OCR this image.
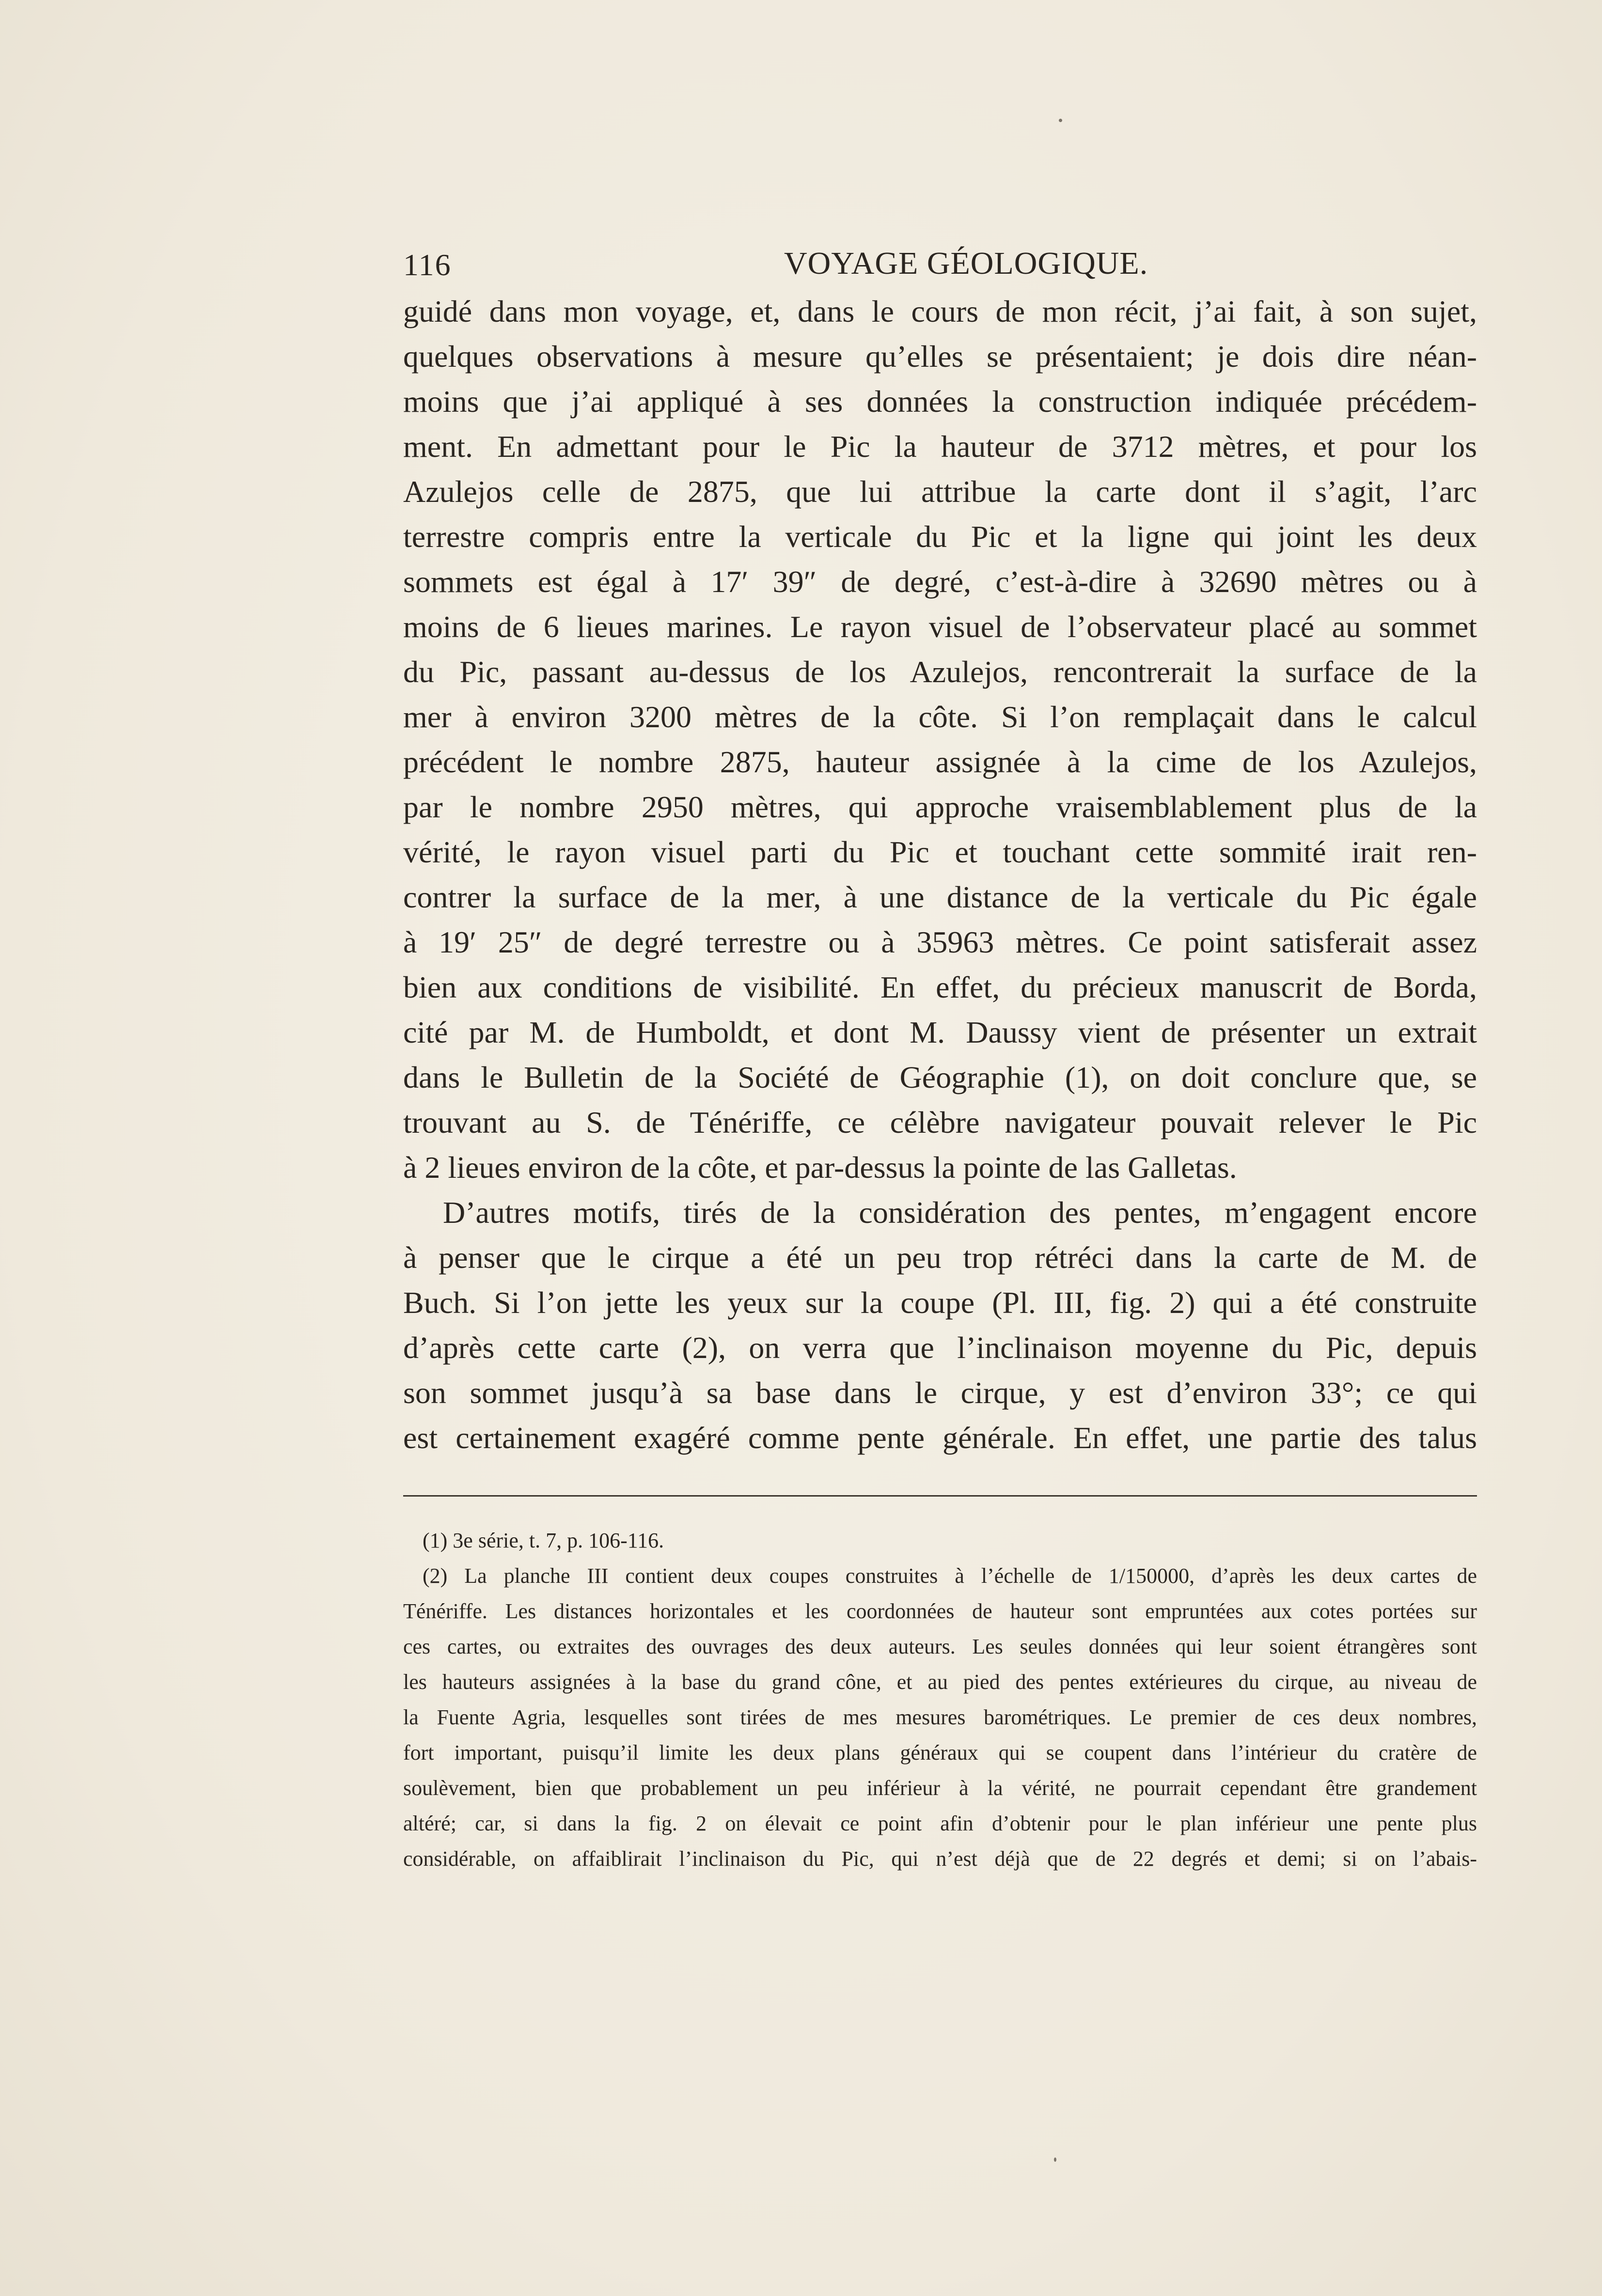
116	VOYAGE GÉOLOGIQUE.
guidé dans mon voyage, et, dans le cours de mon récit, j’ai fait, à son sujet,
quelques observations à mesure qu’elles se présentaient; je dois dire néan-
moins que j’ai appliqué à ses données la construction indiquée précédem-
ment. En admettant pour le Pic la hauteur de 3712 mètres, et pour los
Azulejos celle de 2875, que lui attribue la carte dont il s’agit, l’arc
terrestre compris entre la verticale du Pic et la ligne qui joint les deux
sommets est égal à 17′ 39″ de degré, c’est-à-dire à 32690 mètres ou à
moins de 6 lieues marines. Le rayon visuel de l’observateur placé au sommet
du Pic, passant au-dessus de los Azulejos, rencontrerait la surface de la
mer à environ 3200 mètres de la côte. Si l’on remplaçait dans le calcul
précédent le nombre 2875, hauteur assignée à la cime de los Azulejos,
par le nombre 2950 mètres, qui approche vraisemblablement plus de la
vérité, le rayon visuel parti du Pic et touchant cette sommité irait ren-
contrer la surface de la mer, à une distance de la verticale du Pic égale
à 19′ 25″ de degré terrestre ou à 35963 mètres. Ce point satisferait assez
bien aux conditions de visibilité. En effet, du précieux manuscrit de Borda,
cité par M. de Humboldt, et dont M. Daussy vient de présenter un extrait
dans le Bulletin de la Société de Géographie (1), on doit conclure que, se
trouvant au S. de Ténériffe, ce célèbre navigateur pouvait relever le Pic
à 2 lieues environ de la côte, et par-dessus la pointe de las Galletas.
D’autres motifs, tirés de la considération des pentes, m’engagent encore
à penser que le cirque a été un peu trop rétréci dans la carte de M. de
Buch. Si l’on jette les yeux sur la coupe (Pl. III, fig. 2) qui a été construite
d’après cette carte (2), on verra que l’inclinaison moyenne du Pic, depuis
son sommet jusqu’à sa base dans le cirque, y est d’environ 33°; ce qui
est certainement exagéré comme pente générale. En effet, une partie des talus
(1) 3e série, t. 7, p. 106-116.
(2) La planche III contient deux coupes construites à l’échelle de 1/150000, d’après les deux cartes de
Ténériffe. Les distances horizontales et les coordonnées de hauteur sont empruntées aux cotes portées sur
ces cartes, ou extraites des ouvrages des deux auteurs. Les seules données qui leur soient étrangères sont
les hauteurs assignées à la base du grand cône, et au pied des pentes extérieures du cirque, au niveau de
la Fuente Agria, lesquelles sont tirées de mes mesures barométriques. Le premier de ces deux nombres,
fort important, puisqu’il limite les deux plans généraux qui se coupent dans l’intérieur du cratère de
soulèvement, bien que probablement un peu inférieur à la vérité, ne pourrait cependant être grandement
altéré; car, si dans la fig. 2 on élevait ce point afin d’obtenir pour le plan inférieur une pente plus
considérable, on affaiblirait l’inclinaison du Pic, qui n’est déjà que de 22 degrés et demi; si on l’abais-
